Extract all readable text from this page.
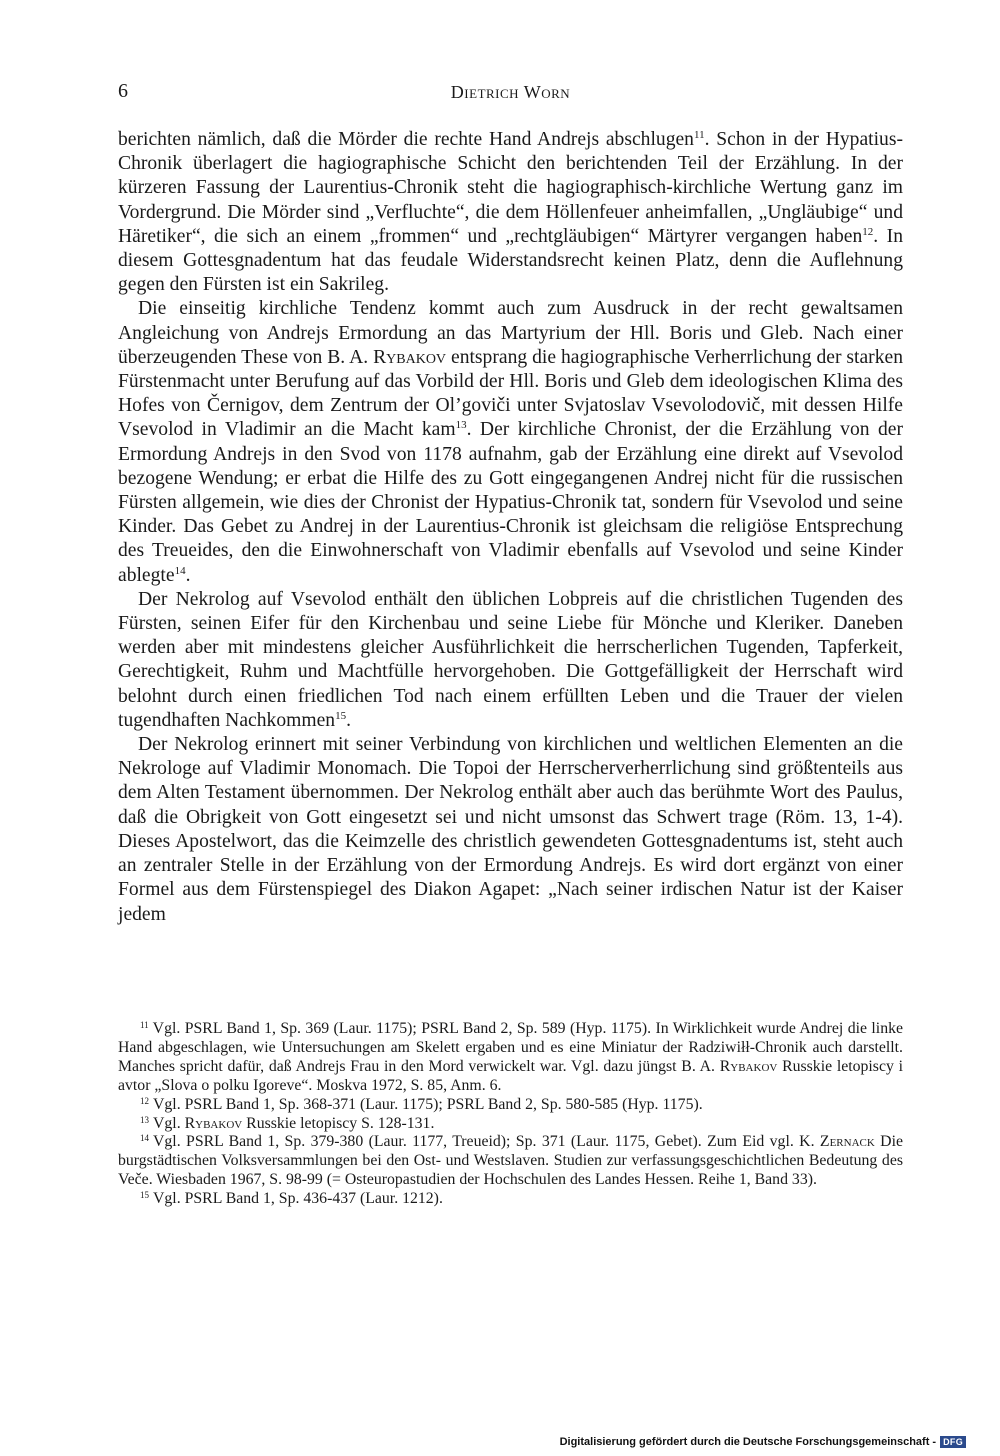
6	Dietrich Worn

berichten nämlich, daß die Mörder die rechte Hand Andrejs abschlugen$^{11}$. Schon in der Hypatius-Chronik überlagert die hagiographische Schicht den berichtenden Teil der Erzählung. In der kürzeren Fassung der Laurentius-Chronik steht die hagiographisch-kirchliche Wertung ganz im Vordergrund. Die Mörder sind „Verfluchte“, die dem Höllenfeuer anheimfallen, „Ungläubige“ und Häretiker“, die sich an einem „frommen“ und „rechtgläubigen“ Märtyrer vergangen haben$^{12}$. In diesem Gottesgnadentum hat das feudale Widerstandsrecht keinen Platz, denn die Auflehnung gegen den Fürsten ist ein Sakrileg.

Die einseitig kirchliche Tendenz kommt auch zum Ausdruck in der recht gewaltsamen Angleichung von Andrejs Ermordung an das Martyrium der Hll. Boris und Gleb. Nach einer überzeugenden These von B. A. Rybakov entsprang die hagiographische Verherrlichung der starken Fürstenmacht unter Berufung auf das Vorbild der Hll. Boris und Gleb dem ideologischen Klima des Hofes von Černigov, dem Zentrum der Ol’goviči unter Svjatoslav Vsevolodovič, mit dessen Hilfe Vsevolod in Vladimir an die Macht kam$^{13}$. Der kirchliche Chronist, der die Erzählung von der Ermordung Andrejs in den Svod von 1178 aufnahm, gab der Erzählung eine direkt auf Vsevolod bezogene Wendung; er erbat die Hilfe des zu Gott eingegangenen Andrej nicht für die russischen Fürsten allgemein, wie dies der Chronist der Hypatius-Chronik tat, sondern für Vsevolod und seine Kinder. Das Gebet zu Andrej in der Laurentius-Chronik ist gleichsam die religiöse Entsprechung des Treueides, den die Einwohnerschaft von Vladimir ebenfalls auf Vsevolod und seine Kinder ablegte$^{14}$.

Der Nekrolog auf Vsevolod enthält den üblichen Lobpreis auf die christlichen Tugenden des Fürsten, seinen Eifer für den Kirchenbau und seine Liebe für Mönche und Kleriker. Daneben werden aber mit mindestens gleicher Ausführlichkeit die herrscherlichen Tugenden, Tapferkeit, Gerechtigkeit, Ruhm und Machtfülle hervorgehoben. Die Gottgefälligkeit der Herrschaft wird belohnt durch einen friedlichen Tod nach einem erfüllten Leben und die Trauer der vielen tugendhaften Nachkommen$^{15}$.

Der Nekrolog erinnert mit seiner Verbindung von kirchlichen und weltlichen Elementen an die Nekrologe auf Vladimir Monomach. Die Topoi der Herrscherverherrlichung sind größtenteils aus dem Alten Testament übernommen. Der Nekrolog enthält aber auch das berühmte Wort des Paulus, daß die Obrigkeit von Gott eingesetzt sei und nicht umsonst das Schwert trage (Röm. 13, 1-4). Dieses Apostelwort, das die Keimzelle des christlich gewendeten Gottesgnadentums ist, steht auch an zentraler Stelle in der Erzählung von der Ermordung Andrejs. Es wird dort ergänzt von einer Formel aus dem Fürstenspiegel des Diakon Agapet: „Nach seiner irdischen Natur ist der Kaiser jedem

$^{11}$ Vgl. PSRL Band 1, Sp. 369 (Laur. 1175); PSRL Band 2, Sp. 589 (Hyp. 1175). In Wirklichkeit wurde Andrej die linke Hand abgeschlagen, wie Untersuchungen am Skelett ergaben und es eine Miniatur der Radziwiłł-Chronik auch darstellt. Manches spricht dafür, daß Andrejs Frau in den Mord verwickelt war. Vgl. dazu jüngst B. A. Rybakov Russkie letopiscy i avtor „Slova o polku Igoreve“. Moskva 1972, S. 85, Anm. 6.

$^{12}$ Vgl. PSRL Band 1, Sp. 368-371 (Laur. 1175); PSRL Band 2, Sp. 580-585 (Hyp. 1175).

$^{13}$ Vgl. Rybakov Russkie letopiscy S. 128-131.

$^{14}$ Vgl. PSRL Band 1, Sp. 379-380 (Laur. 1177, Treueid); Sp. 371 (Laur. 1175, Gebet). Zum Eid vgl. K. Zernack Die burgstädtischen Volksversammlungen bei den Ost- und Westslaven. Studien zur verfassungsgeschichtlichen Bedeutung des Veče. Wiesbaden 1967, S. 98-99 (= Osteuropastudien der Hochschulen des Landes Hessen. Reihe 1, Band 33).

$^{15}$ Vgl. PSRL Band 1, Sp. 436-437 (Laur. 1212).

Digitalisierung gefördert durch die Deutsche Forschungsgemeinschaft - DFG
